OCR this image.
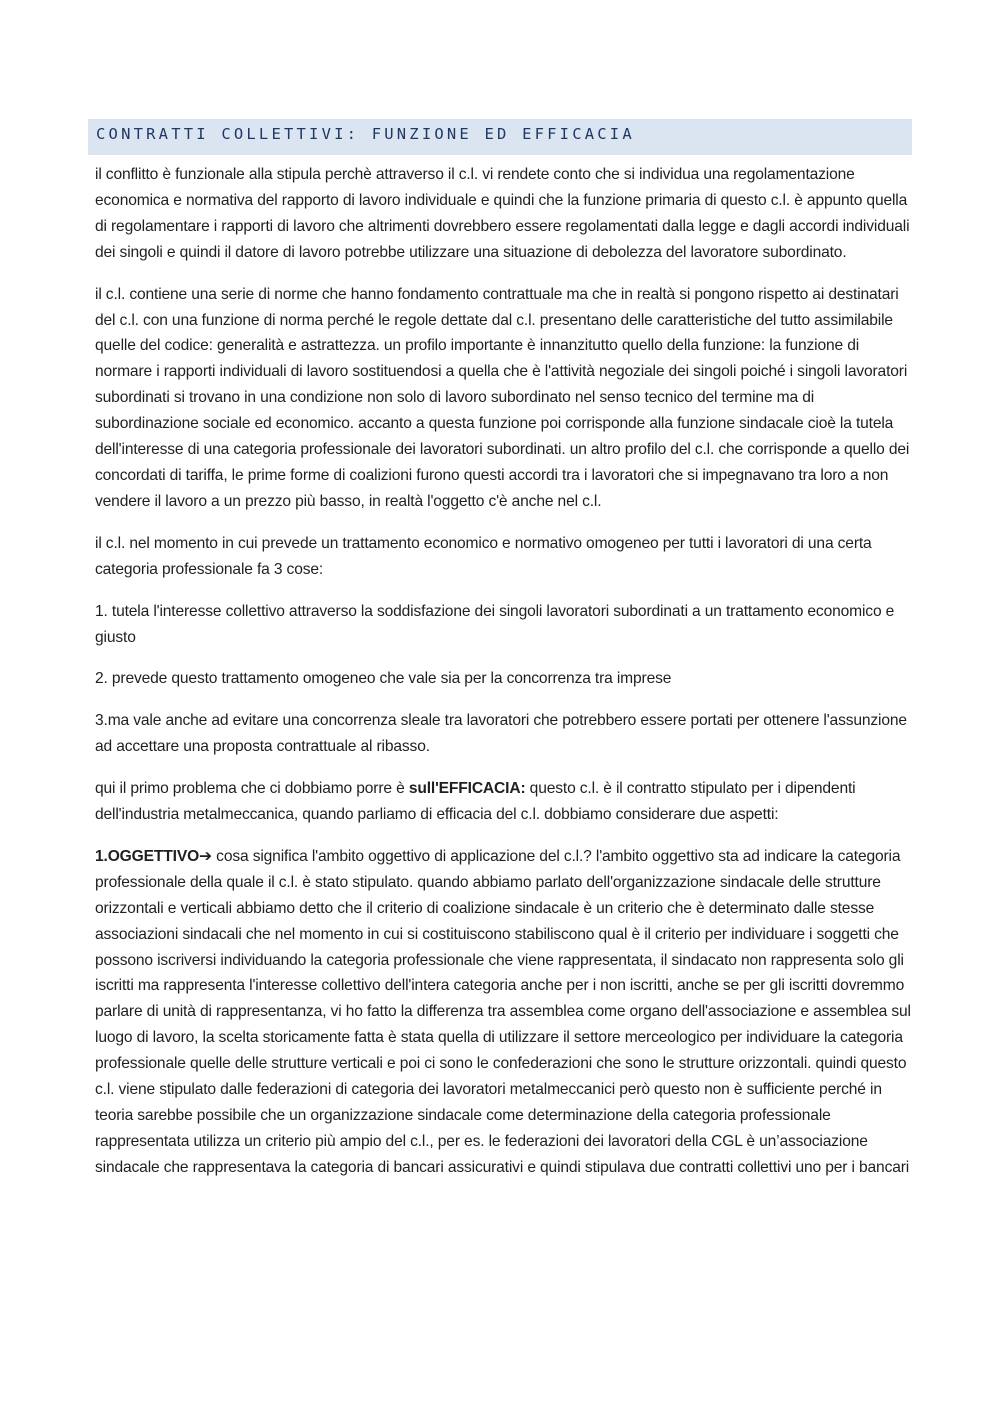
CONTRATTI COLLETTIVI: FUNZIONE ED EFFICACIA

il conflitto è funzionale alla stipula perchè attraverso il c.l. vi rendete conto che si individua una regolamentazione economica e normativa del rapporto di lavoro individuale e quindi che la funzione primaria di questo c.l. è appunto quella di regolamentare i rapporti di lavoro che altrimenti dovrebbero essere regolamentati dalla legge e dagli accordi individuali dei singoli e quindi il datore di lavoro potrebbe utilizzare una situazione di debolezza del lavoratore subordinato.

il c.l. contiene una serie di norme che hanno fondamento contrattuale ma che in realtà si pongono rispetto ai destinatari del c.l. con una funzione di norma perché le regole dettate dal c.l. presentano delle caratteristiche del tutto assimilabile quelle del codice: generalità e astrattezza. un profilo importante è innanzitutto quello della funzione: la funzione di normare i rapporti individuali di lavoro sostituendosi a quella che è l'attività negoziale dei singoli poiché i singoli lavoratori subordinati si trovano in una condizione non solo di lavoro subordinato nel senso tecnico del termine ma di subordinazione sociale ed economico. accanto a questa funzione poi corrisponde alla funzione sindacale cioè la tutela dell'interesse di una categoria professionale dei lavoratori subordinati. un altro profilo del c.l. che corrisponde a quello dei concordati di tariffa, le prime forme di coalizioni furono questi accordi tra i lavoratori che si impegnavano tra loro a non vendere il lavoro a un prezzo più basso, in realtà l'oggetto c'è anche nel c.l.

il c.l. nel momento in cui prevede un trattamento economico e normativo omogeneo per tutti i lavoratori di una certa categoria professionale fa 3 cose:

1. tutela l'interesse collettivo attraverso la soddisfazione dei singoli lavoratori subordinati a un trattamento economico e giusto

2. prevede questo trattamento omogeneo che vale sia per la concorrenza tra imprese

3.ma vale anche ad evitare una concorrenza sleale tra lavoratori che potrebbero essere portati per ottenere l'assunzione ad accettare una proposta contrattuale al ribasso.

qui il primo problema che ci dobbiamo porre è sull'EFFICACIA: questo c.l. è il contratto stipulato per i dipendenti dell'industria metalmeccanica, quando parliamo di efficacia del c.l. dobbiamo considerare due aspetti:

1.OGGETTIVO➔ cosa significa l'ambito oggettivo di applicazione del c.l.? l'ambito oggettivo sta ad indicare la categoria professionale della quale il c.l. è stato stipulato. quando abbiamo parlato dell'organizzazione sindacale delle strutture orizzontali e verticali abbiamo detto che il criterio di coalizione sindacale è un criterio che è determinato dalle stesse associazioni sindacali che nel momento in cui si costituiscono stabiliscono qual è il criterio per individuare i soggetti che possono iscriversi individuando la categoria professionale che viene rappresentata, il sindacato non rappresenta solo gli iscritti ma rappresenta l'interesse collettivo dell'intera categoria anche per i non iscritti, anche se per gli iscritti dovremmo parlare di unità di rappresentanza, vi ho fatto la differenza tra assemblea come organo dell'associazione e assemblea sul luogo di lavoro, la scelta storicamente fatta è stata quella di utilizzare il settore merceologico per individuare la categoria professionale quelle delle strutture verticali e poi ci sono le confederazioni che sono le strutture orizzontali. quindi questo c.l. viene stipulato dalle federazioni di categoria dei lavoratori metalmeccanici però questo non è sufficiente perché in teoria sarebbe possibile che un organizzazione sindacale come determinazione della categoria professionale rappresentata utilizza un criterio più ampio del c.l., per es. le federazioni dei lavoratori della CGL è un’associazione sindacale che rappresentava la categoria di bancari assicurativi e quindi stipulava due contratti collettivi uno per i bancari
